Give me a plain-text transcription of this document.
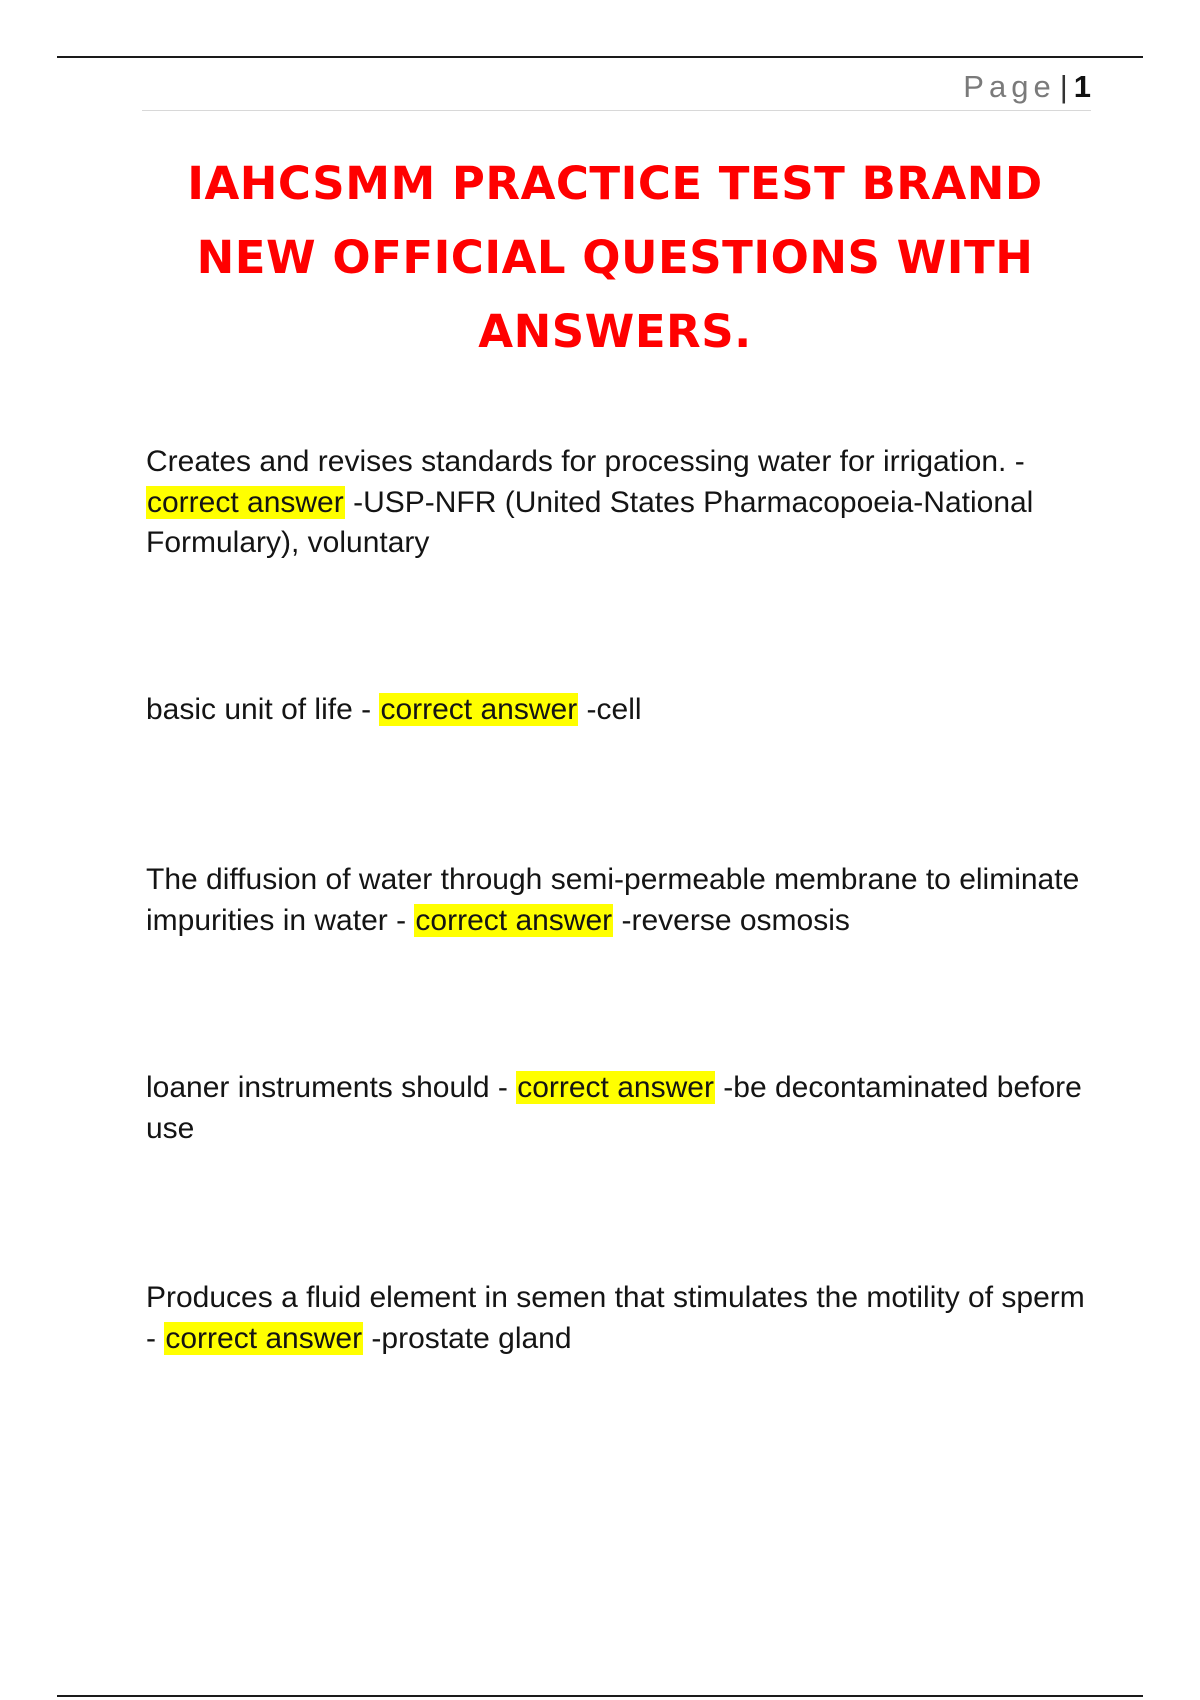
Page | 1
IAHCSMM PRACTICE TEST BRAND
NEW OFFICIAL QUESTIONS WITH
ANSWERS.

Creates and revises standards for processing water for irrigation. - correct answer -USP-NFR (United States Pharmacopoeia-National Formulary), voluntary

basic unit of life - correct answer -cell

The diffusion of water through semi-permeable membrane to eliminate impurities in water - correct answer -reverse osmosis

loaner instruments should - correct answer -be decontaminated before use

Produces a fluid element in semen that stimulates the motility of sperm - correct answer -prostate gland
